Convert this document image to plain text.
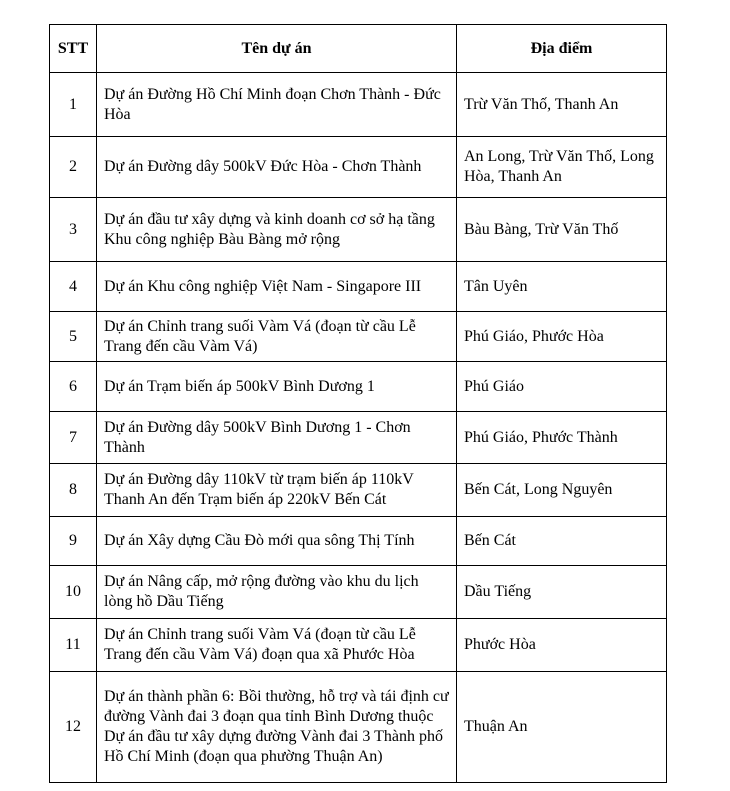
STT	Tên dự án	Địa điểm
1	Dự án Đường Hồ Chí Minh đoạn Chơn Thành - Đức Hòa	Trừ Văn Thố, Thanh An
2	Dự án Đường dây 500kV Đức Hòa - Chơn Thành	An Long, Trừ Văn Thố, Long Hòa, Thanh An
3	Dự án đầu tư xây dựng và kinh doanh cơ sở hạ tầng Khu công nghiệp Bàu Bàng mở rộng	Bàu Bàng, Trừ Văn Thố
4	Dự án Khu công nghiệp Việt Nam - Singapore III	Tân Uyên
5	Dự án Chỉnh trang suối Vàm Vá (đoạn từ cầu Lễ Trang đến cầu Vàm Vá)	Phú Giáo, Phước Hòa
6	Dự án Trạm biến áp 500kV Bình Dương 1	Phú Giáo
7	Dự án Đường dây 500kV Bình Dương 1 - Chơn Thành	Phú Giáo, Phước Thành
8	Dự án Đường dây 110kV từ trạm biến áp 110kV Thanh An đến Trạm biến áp 220kV Bến Cát	Bến Cát, Long Nguyên
9	Dự án Xây dựng Cầu Đò mới qua sông Thị Tính	Bến Cát
10	Dự án Nâng cấp, mở rộng đường vào khu du lịch lòng hồ Dầu Tiếng	Dầu Tiếng
11	Dự án Chỉnh trang suối Vàm Vá (đoạn từ cầu Lễ Trang đến cầu Vàm Vá) đoạn qua xã Phước Hòa	Phước Hòa
12	Dự án thành phần 6: Bồi thường, hỗ trợ và tái định cư đường Vành đai 3 đoạn qua tỉnh Bình Dương thuộc Dự án đầu tư xây dựng đường Vành đai 3 Thành phố Hồ Chí Minh (đoạn qua phường Thuận An)	Thuận An
